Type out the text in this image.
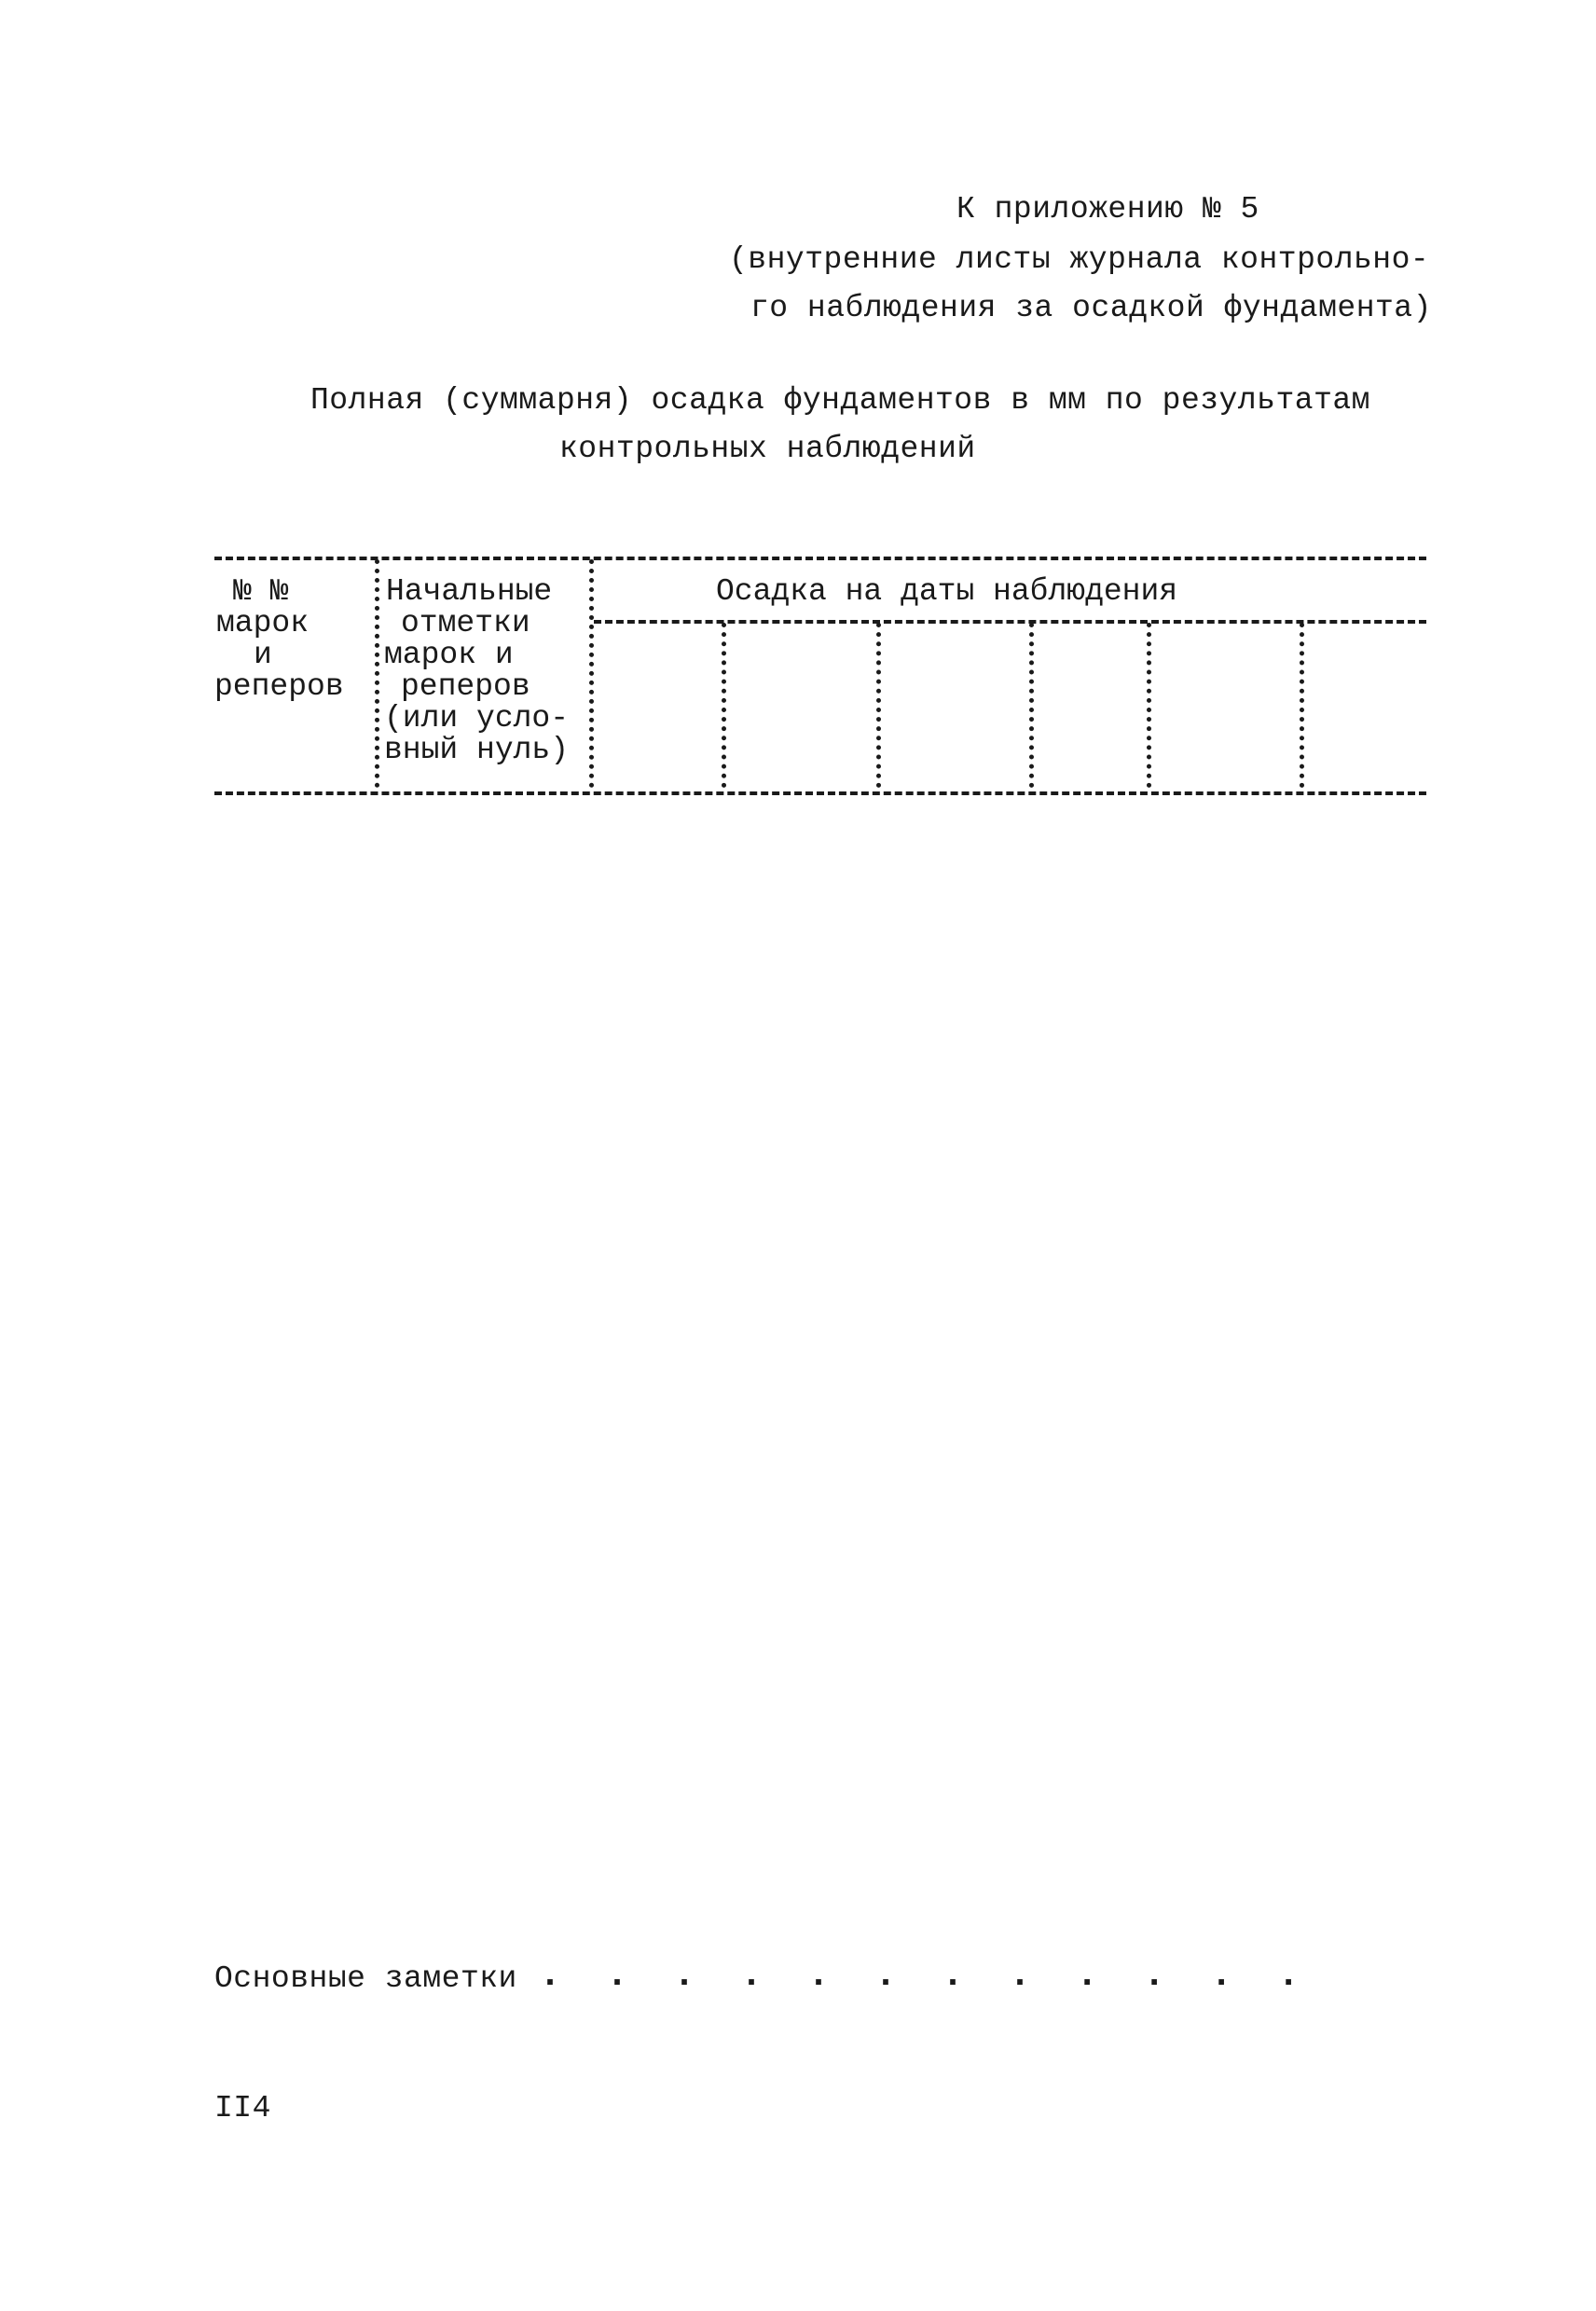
К приложению № 5
(внутренние листы журнала контрольно-
го наблюдения за осадкой фундамента)
Полная (суммарня) осадка фундаментов в мм по результатам
контрольных наблюдений
№ №
марок
и
реперов
Начальные
отметки
марок и
реперов
(или усло-
вный нуль)
Осадка на даты наблюдения
Основные заметки . . . . . . . . . . . .
II4
